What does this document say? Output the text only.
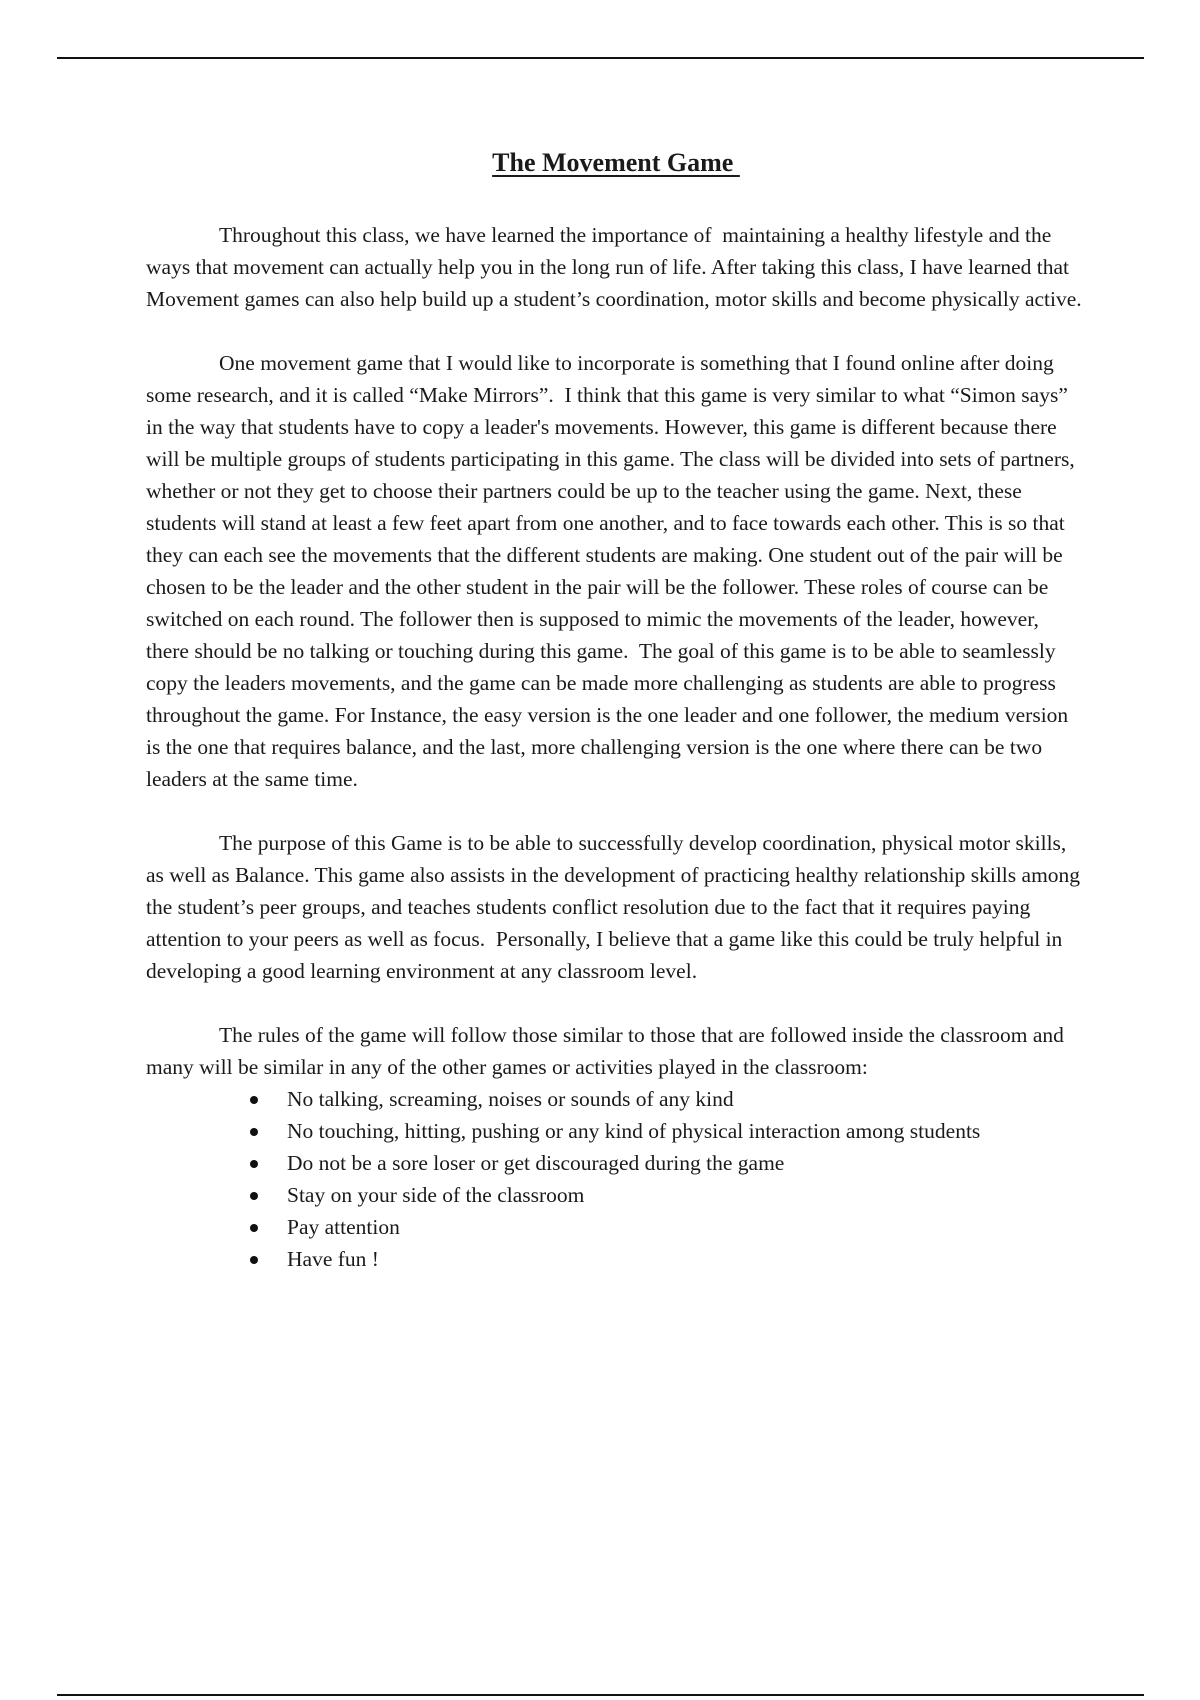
The Movement Game

Throughout this class, we have learned the importance of  maintaining a healthy lifestyle and the ways that movement can actually help you in the long run of life. After taking this class, I have learned that  Movement games can also help build up a student’s coordination, motor skills and become physically active.

One movement game that I would like to incorporate is something that I found online after doing some research, and it is called “Make Mirrors”.  I think that this game is very similar to what “Simon says” in the way that students have to copy a leader's movements. However, this game is different because there will be multiple groups of students participating in this game. The class will be divided into sets of partners, whether or not they get to choose their partners could be up to the teacher using the game. Next, these students will stand at least a few feet apart from one another, and to face towards each other. This is so that they can each see the movements that the different students are making. One student out of the pair will be chosen to be the leader and the other student in the pair will be the follower. These roles of course can be switched on each round. The follower then is supposed to mimic the movements of the leader, however, there should be no talking or touching during this game.  The goal of this game is to be able to seamlessly copy the leaders movements, and the game can be made more challenging as students are able to progress throughout the game. For Instance, the easy version is the one leader and one follower, the medium version is the one that requires balance, and the last, more challenging version is the one where there can be two leaders at the same time.

The purpose of this Game is to be able to successfully develop coordination, physical motor skills, as well as Balance. This game also assists in the development of practicing healthy relationship skills among the student’s peer groups, and teaches students conflict resolution due to the fact that it requires paying attention to your peers as well as focus.  Personally, I believe that a game like this could be truly helpful in developing a good learning environment at any classroom level.

The rules of the game will follow those similar to those that are followed inside the classroom and many will be similar in any of the other games or activities played in the classroom:

No talking, screaming, noises or sounds of any kind
No touching, hitting, pushing or any kind of physical interaction among students
Do not be a sore loser or get discouraged during the game
Stay on your side of the classroom
Pay attention
Have fun !
